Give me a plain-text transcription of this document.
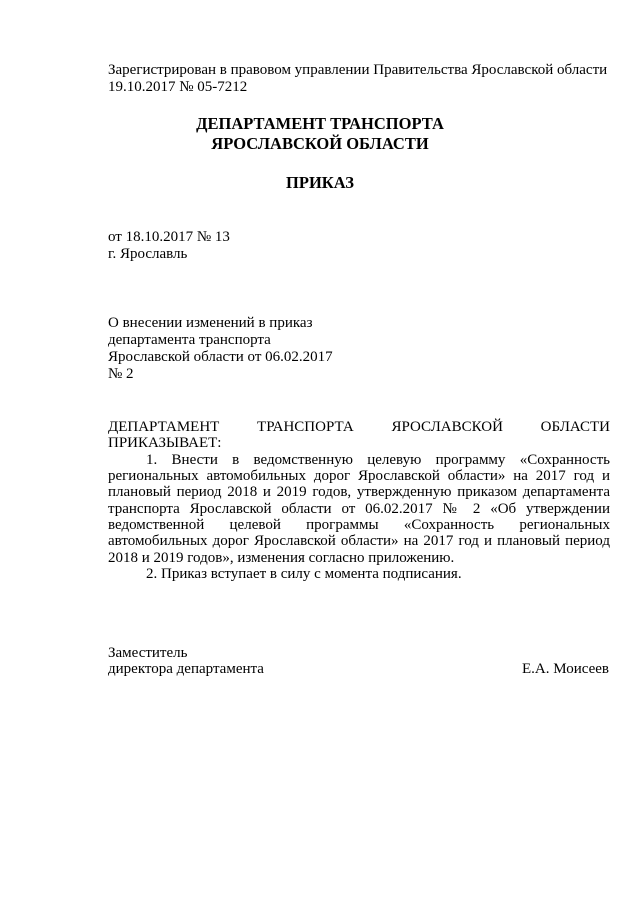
Зарегистрирован в правовом управлении Правительства Ярославской области
19.10.2017 № 05-7212
ДЕПАРТАМЕНТ ТРАНСПОРТА
ЯРОСЛАВСКОЙ ОБЛАСТИ
ПРИКАЗ
от 18.10.2017 № 13
г. Ярославль
О внесении изменений в приказ
департамента транспорта
Ярославской области от 06.02.2017
№ 2
ДЕПАРТАМЕНТ ТРАНСПОРТА ЯРОСЛАВСКОЙ ОБЛАСТИ
ПРИКАЗЫВАЕТ:
1. Внести в ведомственную целевую программу «Сохранность
региональных автомобильных дорог Ярославской области» на 2017 год и
плановый период 2018 и 2019 годов, утвержденную приказом департамента
транспорта Ярославской области от 06.02.2017 № 2 «Об утверждении
ведомственной целевой программы «Сохранность региональных
автомобильных дорог Ярославской области» на 2017 год и плановый период
2018 и 2019 годов», изменения согласно приложению.
2. Приказ вступает в силу с момента подписания.
Заместитель
директора департамента	Е.А. Моисеев
